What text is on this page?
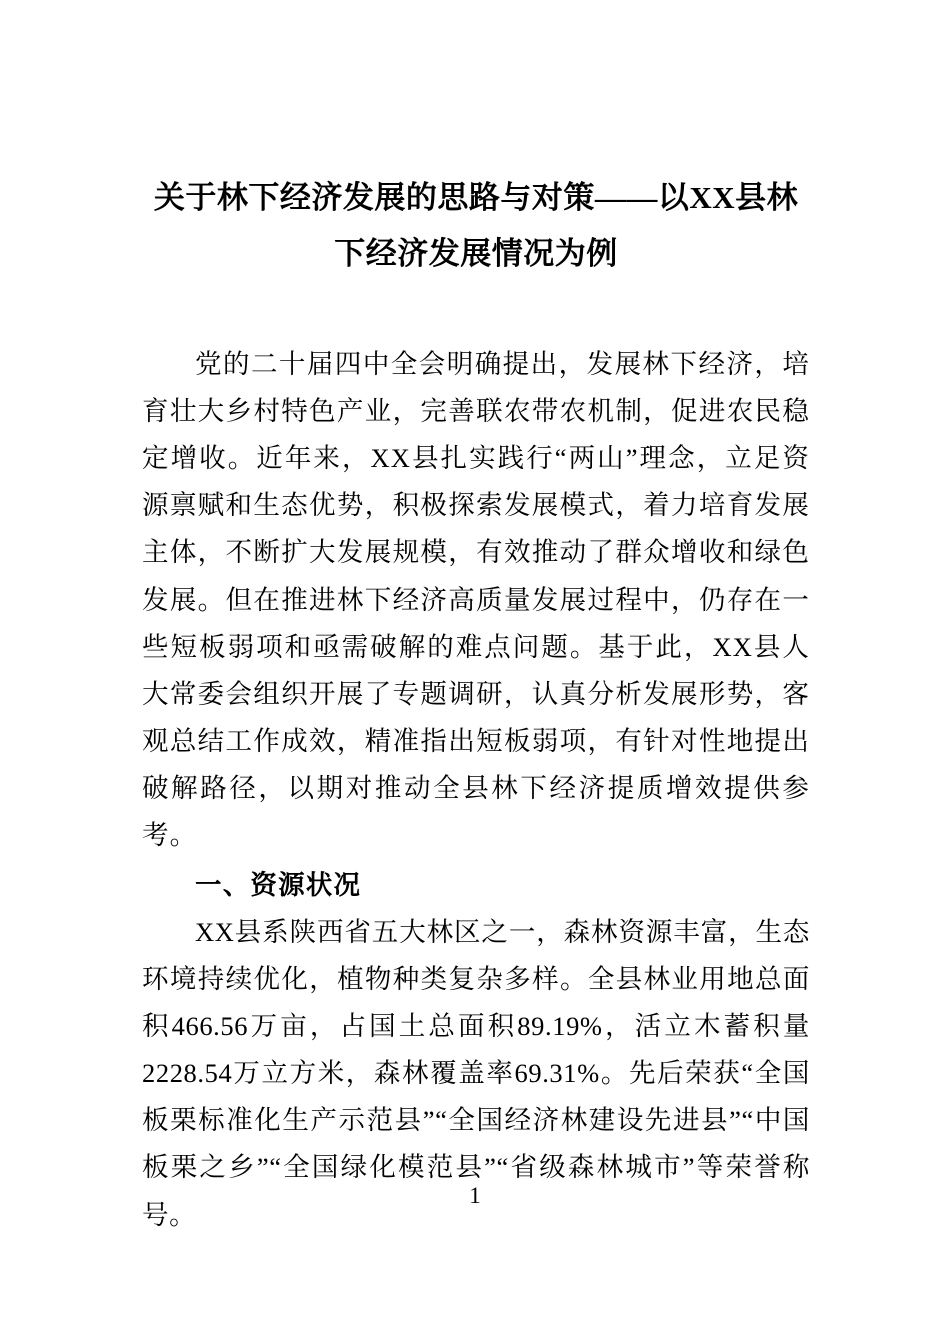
关于林下经济发展的思路与对策——以XX县林下经济发展情况为例

党的二十届四中全会明确提出，发展林下经济，培育壮大乡村特色产业，完善联农带农机制，促进农民稳定增收。近年来，XX县扎实践行“两山”理念，立足资源禀赋和生态优势，积极探索发展模式，着力培育发展主体，不断扩大发展规模，有效推动了群众增收和绿色发展。但在推进林下经济高质量发展过程中，仍存在一些短板弱项和亟需破解的难点问题。基于此，XX县人大常委会组织开展了专题调研，认真分析发展形势，客观总结工作成效，精准指出短板弱项，有针对性地提出破解路径，以期对推动全县林下经济提质增效提供参考。

一、资源状况

XX县系陕西省五大林区之一，森林资源丰富，生态环境持续优化，植物种类复杂多样。全县林业用地总面积466.56万亩，占国土总面积89.19%，活立木蓄积量2228.54万立方米，森林覆盖率69.31%。先后荣获“全国板栗标准化生产示范县”“全国经济林建设先进县”“中国板栗之乡”“全国绿化模范县”“省级森林城市”等荣誉称号。

1
